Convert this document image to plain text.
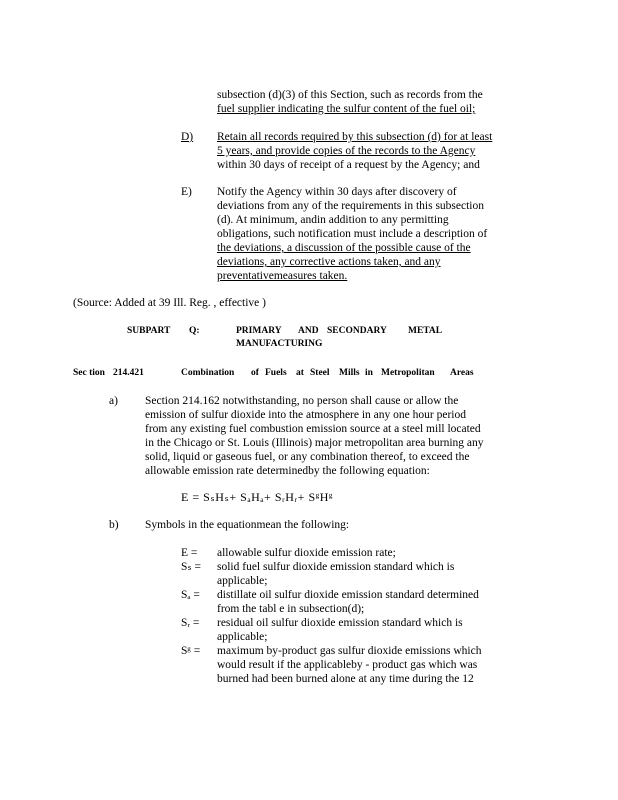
subsection (d)(3) of this Section, such as records from the
fuel supplier indicating the sulfur content of the fuel oil;
D) Retain all records required by this subsection (d) for at least
5 years, and provide copies of the records to the Agency
within 30 days of receipt of a request by the Agency; and
E) Notify the Agency within 30 days after discovery of
deviations from any of the requirements in this subsection
(d). At minimum, andin addition to any permitting
obligations, such notification must include a description of
the deviations, a discussion of the possible cause of the
deviations, any corrective actions taken, and any
preventativemeasures taken.
(Source: Added at 39 Ill. Reg. , effective )
SUBPART Q:	PRIMARY AND SECONDARY METAL
MANUFACTURING
Sec tion 214.421	Combination of Fuels at Steel Mills in Metropolitan Areas
a) Section 214.162 notwithstanding, no person shall cause or allow the
emission of sulfur dioxide into the atmosphere in any one hour period
from any existing fuel combustion emission source at a steel mill located
in the Chicago or St. Louis (Illinois) major metropolitan area burning any
solid, liquid or gaseous fuel, or any combination thereof, to exceed the
allowable emission rate determinedby the following equation:
E = SₛHₛ+ SₐHₐ+ SᵣHᵣ+ SᵍHᵍ
b) Symbols in the equationmean the following:
E = allowable sulfur dioxide emission rate;
Sₛ = solid fuel sulfur dioxide emission standard which is
applicable;
Sₐ = distillate oil sulfur dioxide emission standard determined
from the tabl e in subsection(d);
Sᵣ = residual oil sulfur dioxide emission standard which is
applicable;
Sᵍ = maximum by-product gas sulfur dioxide emissions which
would result if the applicableby - product gas which was
burned had been burned alone at any time during the 12
